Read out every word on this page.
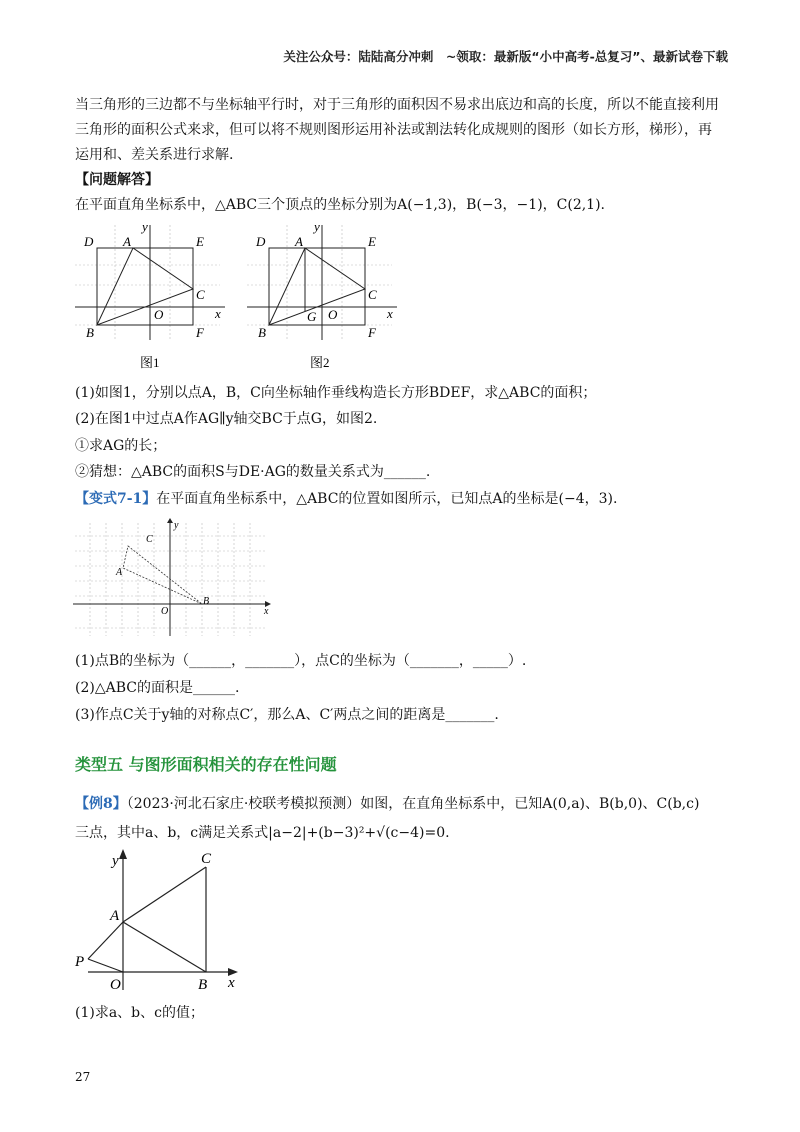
关注公众号：陆陆高分冲刺　~领取：最新版“小中高考-总复习”、最新试卷下载
当三角形的三边都不与坐标轴平行时，对于三角形的面积因不易求出底边和高的长度，所以不能直接利用
三角形的面积公式来求，但可以将不规则图形运用补法或割法转化成规则的图形（如长方形，梯形），再
运用和、差关系进行求解.
【问题解答】
在平面直角坐标系中，△ABC三个顶点的坐标分别为A(−1,3)，B(−3，−1)，C(2,1).
D A	E
C
B
O
F
x
y
图1
D A	E
C
B
G O
F
x
y
图2
(1)如图1，分别以点A，B，C向坐标轴作垂线构造长方形BDEF，求△ABC的面积；
(2)在图1中过点A作AG∥y轴交BC于点G，如图2.
①求AG的长；
②猜想：△ABC的面积S与DE·AG的数量关系式为______.
【变式7-1】在平面直角坐标系中，△ABC的位置如图所示，已知点A的坐标是(−4，3).
C
A
O
B
x
y
(1)点B的坐标为（______，_______），点C的坐标为（_______，_____）.
(2)△ABC的面积是______.
(3)作点C关于y轴的对称点C′，那么A、C′两点之间的距离是_______.
类型五 与图形面积相关的存在性问题
【例8】（2023·河北石家庄·校联考模拟预测）如图，在直角坐标系中，已知A(0,a)、B(b,0)、C(b,c)
三点，其中a、b，c满足关系式|a−2|+(b−3)²+√(c−4)=0.
y	C
A
P
O	B x
(1)求a、b、c的值；
27
